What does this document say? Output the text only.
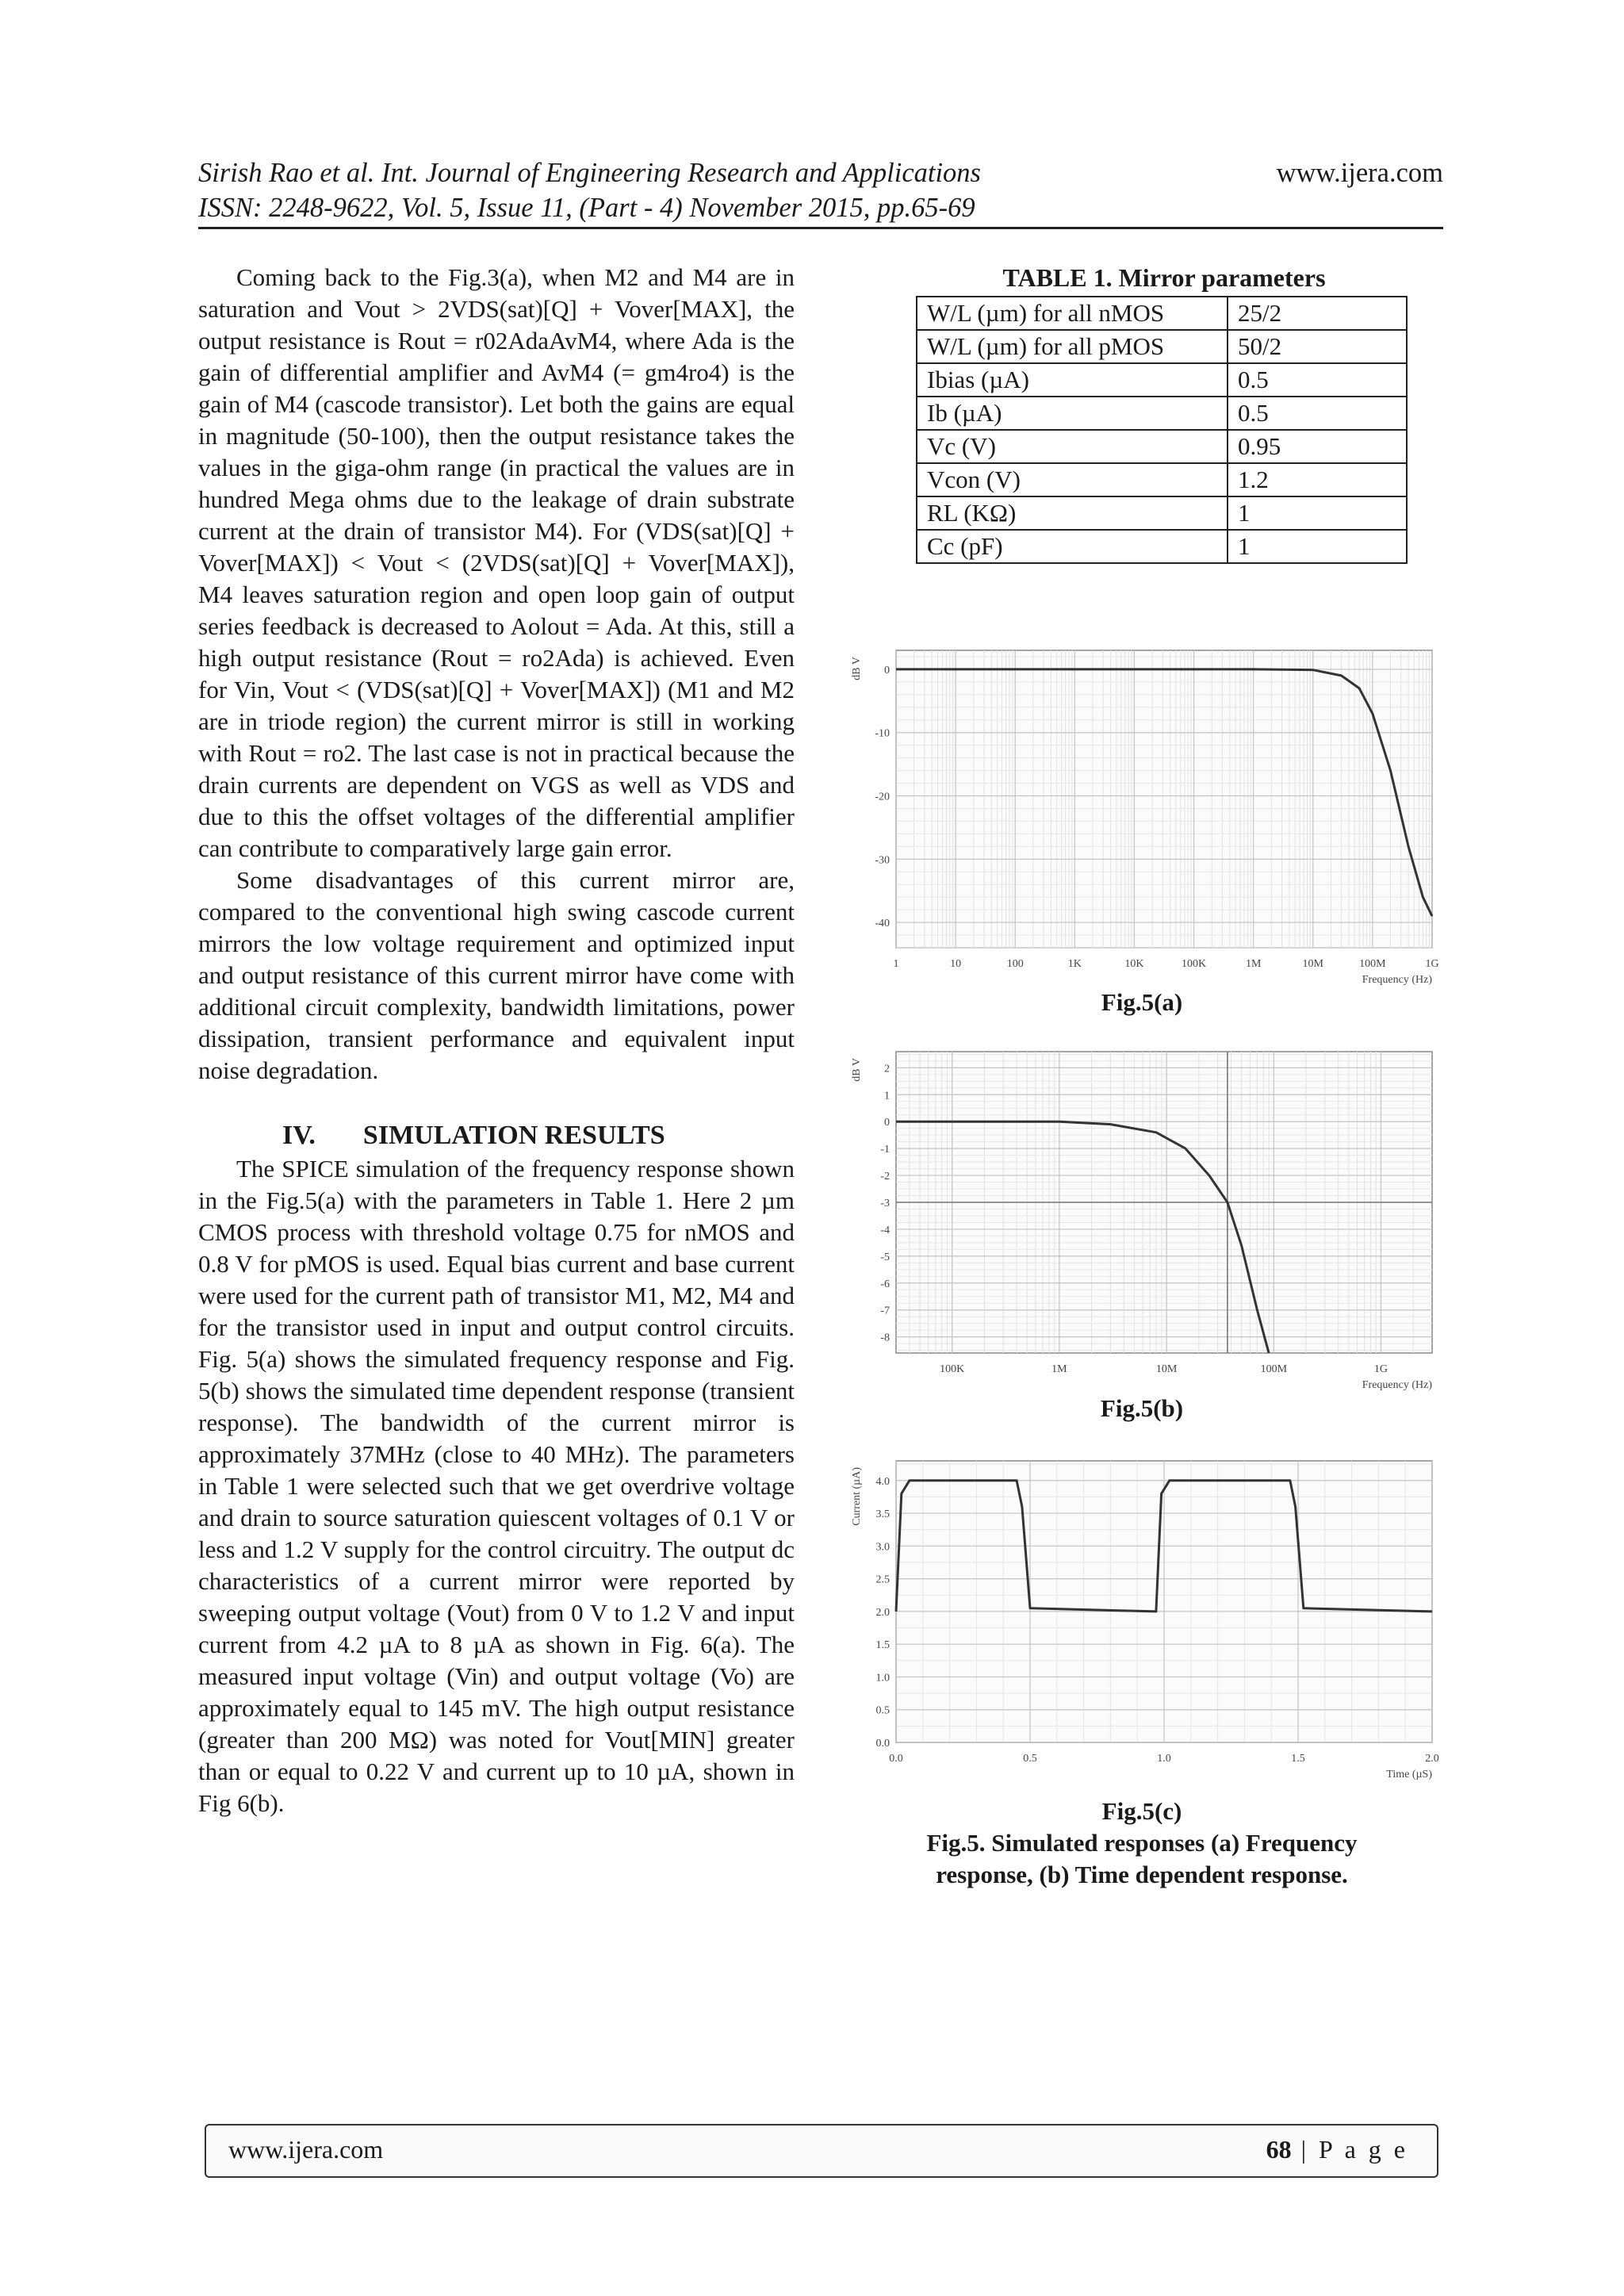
Sirish Rao et al. Int. Journal of Engineering Research and Applications
ISSN: 2248-9622, Vol. 5, Issue 11, (Part - 4) November 2015, pp.65-69
www.ijera.com

Coming back to the Fig.3(a), when M2 and M4 are in saturation and Vout > 2VDS(sat)[Q] + Vover[MAX], the output resistance is Rout = r02AdaAvM4, where Ada is the gain of differential amplifier and AvM4 (= gm4ro4) is the gain of M4 (cascode transistor). Let both the gains are equal in magnitude (50-100), then the output resistance takes the values in the giga-ohm range (in practical the values are in hundred Mega ohms due to the leakage of drain substrate current at the drain of transistor M4). For (VDS(sat)[Q] + Vover[MAX]) < Vout < (2VDS(sat)[Q] + Vover[MAX]), M4 leaves saturation region and open loop gain of output series feedback is decreased to Aolout = Ada. At this, still a high output resistance (Rout = ro2Ada) is achieved. Even for Vin, Vout < (VDS(sat)[Q] + Vover[MAX]) (M1 and M2 are in triode region) the current mirror is still in working with Rout = ro2. The last case is not in practical because the drain currents are dependent on VGS as well as VDS and due to this the offset voltages of the differential amplifier can contribute to comparatively large gain error.

Some disadvantages of this current mirror are, compared to the conventional high swing cascode current mirrors the low voltage requirement and optimized input and output resistance of this current mirror have come with additional circuit complexity, bandwidth limitations, power dissipation, transient performance and equivalent input noise degradation.

IV. SIMULATION RESULTS

The SPICE simulation of the frequency response shown in the Fig.5(a) with the parameters in Table 1. Here 2 µm CMOS process with threshold voltage 0.75 for nMOS and 0.8 V for pMOS is used. Equal bias current and base current were used for the current path of transistor M1, M2, M4 and for the transistor used in input and output control circuits. Fig. 5(a) shows the simulated frequency response and Fig. 5(b) shows the simulated time dependent response (transient response). The bandwidth of the current mirror is approximately 37MHz (close to 40 MHz). The parameters in Table 1 were selected such that we get overdrive voltage and drain to source saturation quiescent voltages of 0.1 V or less and 1.2 V supply for the control circuitry. The output dc characteristics of a current mirror were reported by sweeping output voltage (Vout) from 0 V to 1.2 V and input current from 4.2 µA to 8 µA as shown in Fig. 6(a). The measured input voltage (Vin) and output voltage (Vo) are approximately equal to 145 mV. The high output resistance (greater than 200 MΩ) was noted for Vout[MIN] greater than or equal to 0.22 V and current up to 10 µA, shown in Fig 6(b).

TABLE 1. Mirror parameters
W/L (µm) for all nMOS	25/2
W/L (µm) for all pMOS	50/2
Ibias (µA)	0.5
Ib (µA)	0.5
Vc (V)	0.95
Vcon (V)	1.2
RL (KΩ)	1
Cc (pF)	1
1	10	100	1K	10K	100K	1M	10M	100M	1G
0
-10
-20
-30
-40
Frequency (Hz)
dB V
Fig.5(a)
100K	1M	10M	100M	1G
2
1
0
-1
-2
-3
-4
-5
-6
-7
-8
Frequency (Hz)
dB V
Fig.5(b)
0.0	0.5	1.0	1.5	2.0
4.0
3.5
3.0
2.5
2.0
1.5
1.0
0.5
0.0
Time (µS)
Current (µA)
Fig.5(c)
Fig.5. Simulated responses (a) Frequency
response, (b) Time dependent response.
www.ijera.com	68 | P a g e
